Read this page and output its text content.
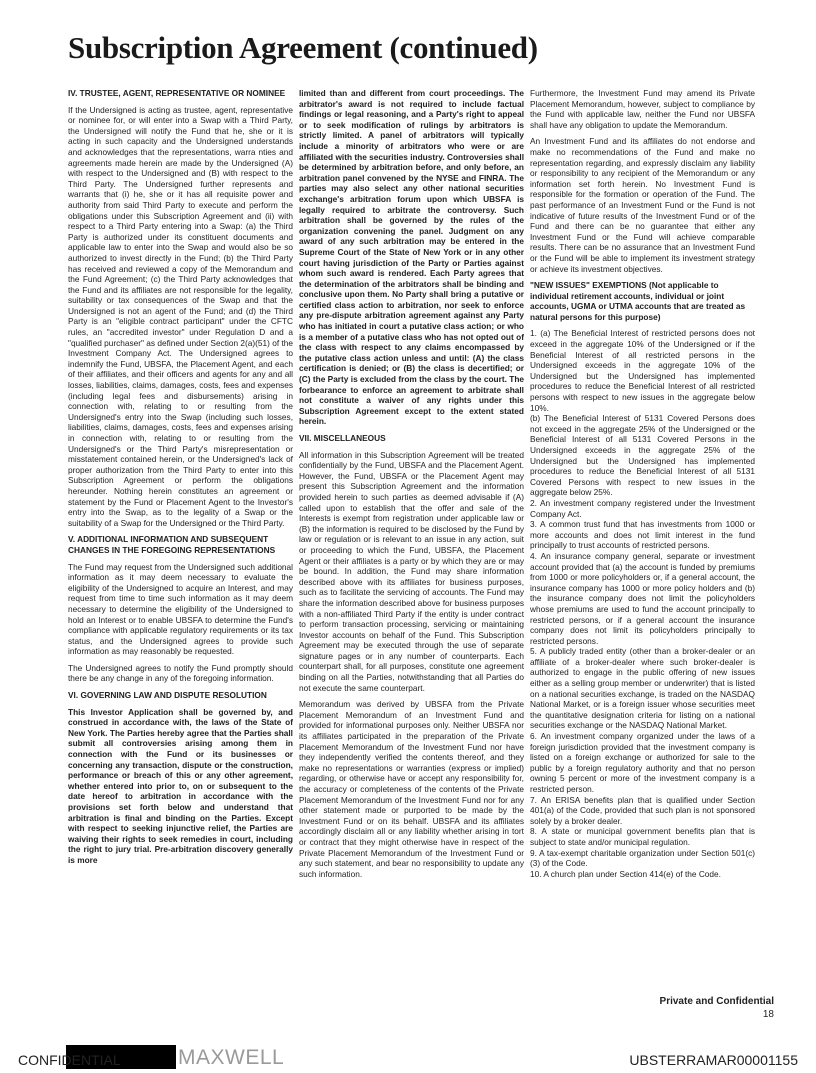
Subscription Agreement (continued)
IV. TRUSTEE, AGENT, REPRESENTATIVE OR NOMINEE

If the Undersigned is acting as trustee, agent, representative or nominee for, or will enter into a Swap with a Third Party, the Undersigned will notify the Fund that he, she or it is acting in such capacity and the Undersigned understands and acknowledges that the representations, warra nties and agreements made herein are made by the Undersigned (A) with respect to the Undersigned and (B) with respect to the Third Party. The Undersigned further represents and warrants that (i) he, she or it has all requisite power and authority from said Third Party to execute and perform the obligations under this Subscription Agreement and (ii) with respect to a Third Party entering into a Swap: (a) the Third Party is authorized under its constituent documents and applicable law to enter into the Swap and would also be so authorized to invest directly in the Fund; (b) the Third Party has received and reviewed a copy of the Memorandum and the Fund Agreement; (c) the Third Party acknowledges that the Fund and its affiliates are not responsible for the legality, suitability or tax consequences of the Swap and that the Undersigned is not an agent of the Fund; and (d) the Third Party is an "eligible contract participant" under the CFTC rules, an "accredited investor" under Regulation D and a "qualified purchaser" as defined under Section 2(a)(51) of the Investment Company Act. The Undersigned agrees to indemnify the Fund, UBSFA, the Placement Agent, and each of their affiliates, and their officers and agents for any and all losses, liabilities, claims, damages, costs, fees and expenses (including legal fees and disbursements) arising in connection with, relating to or resulting from the Undersigned's entry into the Swap (including such losses, liabilities, claims, damages, costs, fees and expenses arising in connection with, relating to or resulting from the Undersigned's or the Third Party's misrepresentation or misstatement contained herein, or the Undersigned's lack of proper authorization from the Third Party to enter into this Subscription Agreement or perform the obligations hereunder. Nothing herein constitutes an agreement or statement by the Fund or Placement Agent to the Investor's entry into the Swap, as to the legality of a Swap or the suitability of a Swap for the Undersigned or the Third Party.

V. ADDITIONAL INFORMATION AND SUBSEQUENT CHANGES IN THE FOREGOING REPRESENTATIONS

The Fund may request from the Undersigned such additional information as it may deem necessary to evaluate the eligibility of the Undersigned to acquire an Interest, and may request from time to time such information as it may deem necessary to determine the eligibility of the Undersigned to hold an Interest or to enable UBSFA to determine the Fund's compliance with applicable regulatory requirements or its tax status, and the Undersigned agrees to provide such information as may reasonably be requested.

The Undersigned agrees to notify the Fund promptly should there be any change in any of the foregoing information.

VI. GOVERNING LAW AND DISPUTE RESOLUTION

This Investor Application shall be governed by, and construed in accordance with, the laws of the State of New York. The Parties hereby agree that the Parties shall submit all controversies arising among them in connection with the Fund or its businesses or concerning any transaction, dispute or the construction, performance or breach of this or any other agreement, whether entered into prior to, on or subsequent to the date hereof to arbitration in accordance with the provisions set forth below and understand that arbitration is final and binding on the Parties. Except with respect to seeking injunctive relief, the Parties are waiving their rights to seek remedies in court, including the right to jury trial. Pre-arbitration discovery generally is more

limited than and different from court proceedings. The arbitrator's award is not required to include factual findings or legal reasoning, and a Party's right to appeal or to seek modification of rulings by arbitrators is strictly limited. A panel of arbitrators will typically include a minority of arbitrators who were or are affiliated with the securities industry. Controversies shall be determined by arbitration before, and only before, an arbitration panel convened by the NYSE and FINRA. The parties may also select any other national securities exchange's arbitration forum upon which UBSFA is legally required to arbitrate the controversy. Such arbitration shall be governed by the rules of the organization convening the panel. Judgment on any award of any such arbitration may be entered in the Supreme Court of the State of New York or in any other court having jurisdiction of the Party or Parties against whom such award is rendered. Each Party agrees that the determination of the arbitrators shall be binding and conclusive upon them. No Party shall bring a putative or certified class action to arbitration, nor seek to enforce any pre-dispute arbitration agreement against any Party who has initiated in court a putative class action; or who is a member of a putative class who has not opted out of the class with respect to any claims encompassed by the putative class action unless and until: (A) the class certification is denied; or (B) the class is decertified; or (C) the Party is excluded from the class by the court. The forbearance to enforce an agreement to arbitrate shall not constitute a waiver of any rights under this Subscription Agreement except to the extent stated herein.

VII. MISCELLANEOUS

All information in this Subscription Agreement will be treated confidentially by the Fund, UBSFA and the Placement Agent. However, the Fund, UBSFA or the Placement Agent may present this Subscription Agreement and the information provided herein to such parties as deemed advisable if (A) called upon to establish that the offer and sale of the Interests is exempt from registration under applicable law or (B) the information is required to be disclosed by the Fund by law or regulation or is relevant to an issue in any action, suit or proceeding to which the Fund, UBSFA, the Placement Agent or their affiliates is a party or by which they are or may be bound. In addition, the Fund may share information described above with its affiliates for business purposes, such as to facilitate the servicing of accounts. The Fund may share the information described above for business purposes with a non-affiliated Third Party if the entity is under contract to perform transaction processing, servicing or maintaining Investor accounts on behalf of the Fund. This Subscription Agreement may be executed through the use of separate signature pages or in any number of counterparts. Each counterpart shall, for all purposes, constitute one agreement binding on all the Parties, notwithstanding that all Parties do not execute the same counterpart.

Memorandum was derived by UBSFA from the Private Placement Memorandum of an Investment Fund and provided for informational purposes only. Neither UBSFA nor its affiliates participated in the preparation of the Private Placement Memorandum of the Investment Fund nor have they independently verified the contents thereof, and they make no representations or warranties (express or implied) regarding, or otherwise have or accept any responsibility for, the accuracy or completeness of the contents of the Private Placement Memorandum of the Investment Fund nor for any other statement made or purported to be made by the Investment Fund or on its behalf. UBSFA and its affiliates accordingly disclaim all or any liability whether arising in tort or contract that they might otherwise have in respect of the Private Placement Memorandum of the Investment Fund or any such statement, and bear no responsibility to update any such information.

Furthermore, the Investment Fund may amend its Private Placement Memorandum, however, subject to compliance by the Fund with applicable law, neither the Fund nor UBSFA shall have any obligation to update the Memorandum.

An Investment Fund and its affiliates do not endorse and make no recommendations of the Fund and make no representation regarding, and expressly disclaim any liability or responsibility to any recipient of the Memorandum or any information set forth herein. No Investment Fund is responsible for the formation or operation of the Fund. The past performance of an Investment Fund or the Fund is not indicative of future results of the Investment Fund or of the Fund and there can be no guarantee that either any Investment Fund or the Fund will achieve comparable results. There can be no assurance that an Investment Fund or the Fund will be able to implement its investment strategy or achieve its investment objectives.

"NEW ISSUES" EXEMPTIONS (Not applicable to individual retirement accounts, individual or joint accounts, UGMA or UTMA accounts that are treated as natural persons for this purpose)

1. (a) The Beneficial Interest of restricted persons does not exceed in the aggregate 10% of the Undersigned or if the Beneficial Interest of all restricted persons in the Undersigned exceeds in the aggregate 10% of the Undersigned but the Undersigned has implemented procedures to reduce the Beneficial Interest of all restricted persons with respect to new issues in the aggregate below 10%.

(b) The Beneficial Interest of 5131 Covered Persons does not exceed in the aggregate 25% of the Undersigned or the Beneficial Interest of all 5131 Covered Persons in the Undersigned exceeds in the aggregate 25% of the Undersigned but the Undersigned has implemented procedures to reduce the Beneficial Interest of all 5131 Covered Persons with respect to new issues in the aggregate below 25%.

2. An investment company registered under the Investment Company Act.

3. A common trust fund that has investments from 1000 or more accounts and does not limit interest in the fund principally to trust accounts of restricted persons.

4. An insurance company general, separate or investment account provided that (a) the account is funded by premiums from 1000 or more policyholders or, if a general account, the insurance company has 1000 or more policy holders and (b) the insurance company does not limit the policyholders whose premiums are used to fund the account principally to restricted persons, or if a general account the insurance company does not limit its policyholders principally to restricted persons.

5. A publicly traded entity (other than a broker-dealer or an affiliate of a broker-dealer where such broker-dealer is authorized to engage in the public offering of new issues either as a selling group member or underwriter) that is listed on a national securities exchange, is traded on the NASDAQ National Market, or is a foreign issuer whose securities meet the quantitative designation criteria for listing on a national securities exchange or the NASDAQ National Market.

6. An investment company organized under the laws of a foreign jurisdiction provided that the investment company is listed on a foreign exchange or authorized for sale to the public by a foreign regulatory authority and that no person owning 5 percent or more of the investment company is a restricted person.

7. An ERISA benefits plan that is qualified under Section 401(a) of the Code, provided that such plan is not sponsored solely by a broker dealer.

8. A state or municipal government benefits plan that is subject to state and/or municipal regulation.

9. A tax-exempt charitable organization under Section 501(c)(3) of the Code.

10. A church plan under Section 414(e) of the Code.

Private and Confidential
18
MAXWELL
CONFIDENTIAL	UBSTERRAMAR00001155
